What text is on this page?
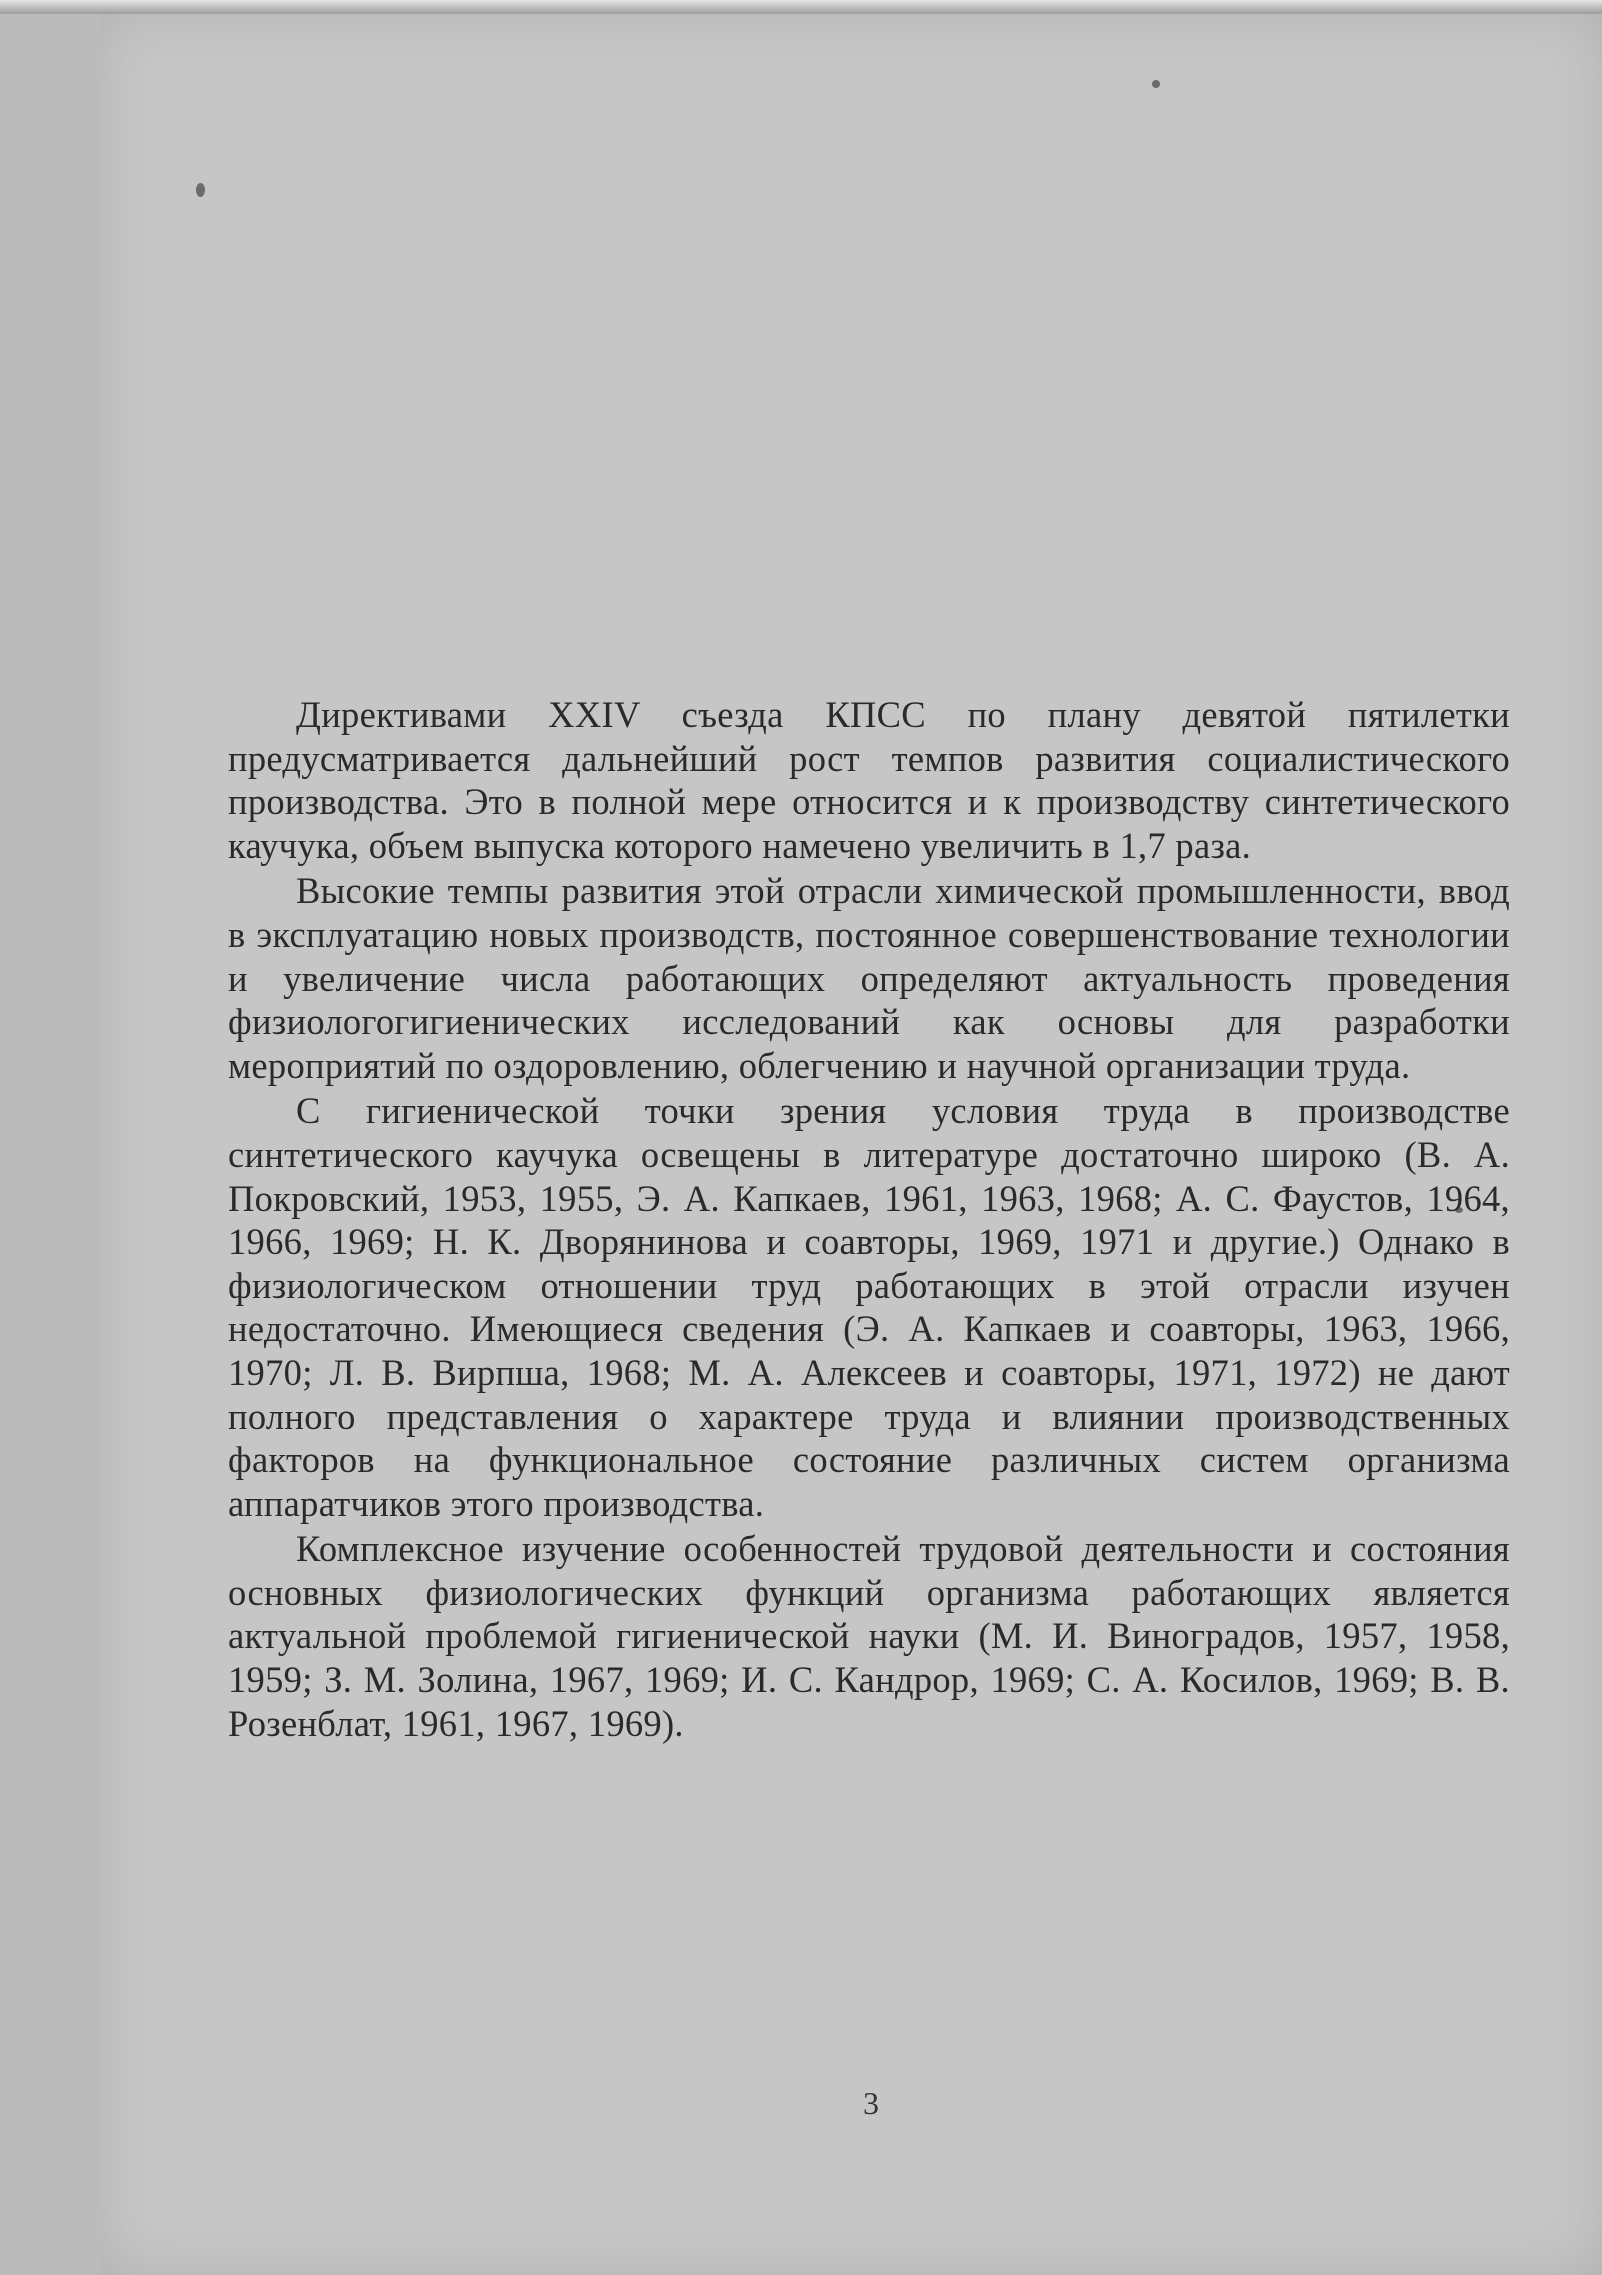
Директивами XXIV съезда КПСС по плану девятой пятилетки предусматривается дальнейший рост темпов развития социалистического производства. Это в полной мере относится и к производству синтетического каучука, объем выпуска которого намечено увеличить в 1,7 раза.

Высокие темпы развития этой отрасли химической промышленности, ввод в эксплуатацию новых производств, постоянное совершенствование технологии и увеличение числа работающих определяют актуальность проведения физиологогигиенических исследований как основы для разработки мероприятий по оздоровлению, облегчению и научной организации труда.

С гигиенической точки зрения условия труда в производстве синтетического каучука освещены в литературе достаточно широко (В. А. Покровский, 1953, 1955, Э. А. Капкаев, 1961, 1963, 1968; А. С. Фаустов, 1964, 1966, 1969; Н. К. Дворянинова и соавторы, 1969, 1971 и другие.) Однако в физиологическом отношении труд работающих в этой отрасли изучен недостаточно. Имеющиеся сведения (Э. А. Капкаев и соавторы, 1963, 1966, 1970; Л. В. Вирпша, 1968; М. А. Алексеев и соавторы, 1971, 1972) не дают полного представления о характере труда и влиянии производственных факторов на функциональное состояние различных систем организма аппаратчиков этого производства.

Комплексное изучение особенностей трудовой деятельности и состояния основных физиологических функций организма работающих является актуальной проблемой гигиенической науки (М. И. Виноградов, 1957, 1958, 1959; З. М. Золина, 1967, 1969; И. С. Кандрор, 1969; С. А. Косилов, 1969; В. В. Розенблат, 1961, 1967, 1969).

3
